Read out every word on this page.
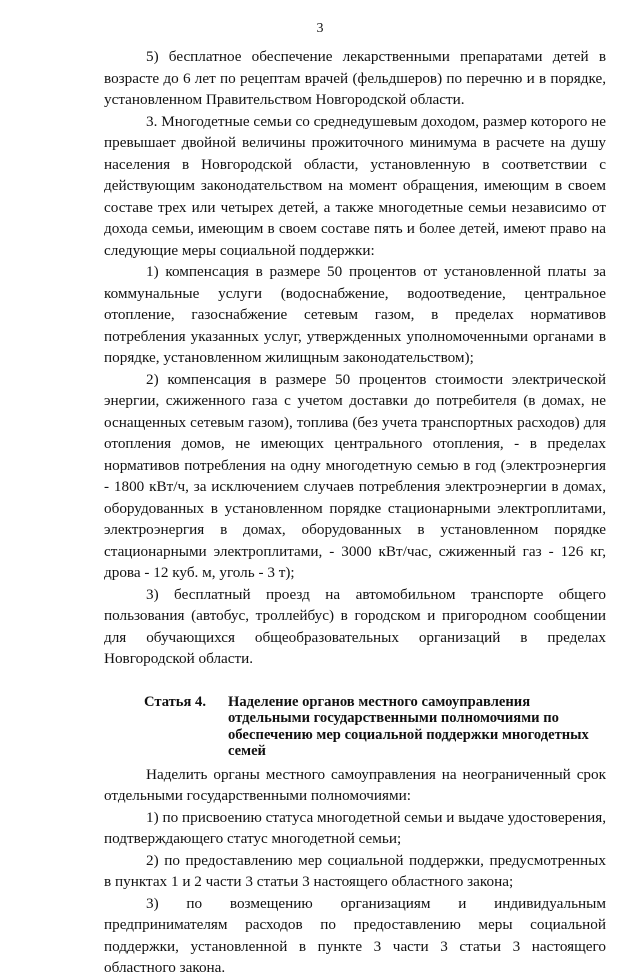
3

5) бесплатное обеспечение лекарственными препаратами детей в возрасте до 6 лет по рецептам врачей (фельдшеров) по перечню и в порядке, установленном Правительством Новгородской области.

3. Многодетные семьи со среднедушевым доходом, размер которого не превышает двойной величины прожиточного минимума в расчете на душу населения в Новгородской области, установленную в соответствии с действующим законодательством на момент обращения, имеющим в своем составе трех или четырех детей, а также многодетные семьи независимо от дохода семьи, имеющим в своем составе пять и более детей, имеют право на следующие меры социальной поддержки:

1) компенсация в размере 50 процентов от установленной платы за коммунальные услуги (водоснабжение, водоотведение, центральное отопление, газоснабжение сетевым газом, в пределах нормативов потребления указанных услуг, утвержденных уполномоченными органами в порядке, установленном жилищным законодательством);

2) компенсация в размере 50 процентов стоимости электрической энергии, сжиженного газа с учетом доставки до потребителя (в домах, не оснащенных сетевым газом), топлива (без учета транспортных расходов) для отопления домов, не имеющих центрального отопления, - в пределах нормативов потребления на одну многодетную семью в год (электроэнергия - 1800 кВт/ч, за исключением случаев потребления электроэнергии в домах, оборудованных в установленном порядке стационарными электроплитами, электроэнергия в домах, оборудованных в установленном порядке стационарными электроплитами, - 3000 кВт/час, сжиженный газ - 126 кг, дрова - 12 куб. м, уголь - 3 т);

3) бесплатный проезд на автомобильном транспорте общего пользования (автобус, троллейбус) в городском и пригородном сообщении для обучающихся общеобразовательных организаций в пределах Новгородской области.

Статья 4.	Наделение органов местного самоуправления отдельными государственными полномочиями по обеспечению мер социальной поддержки многодетных семей

Наделить органы местного самоуправления на неограниченный срок отдельными государственными полномочиями:

1) по присвоению статуса многодетной семьи и выдаче удостоверения, подтверждающего статус многодетной семьи;

2) по предоставлению мер социальной поддержки, предусмотренных в пунктах 1 и 2 части 3 статьи 3 настоящего областного закона;

3) по возмещению организациям и индивидуальным предпринимателям расходов по предоставлению меры социальной поддержки, установленной в пункте 3 части 3 статьи 3 настоящего областного закона.
